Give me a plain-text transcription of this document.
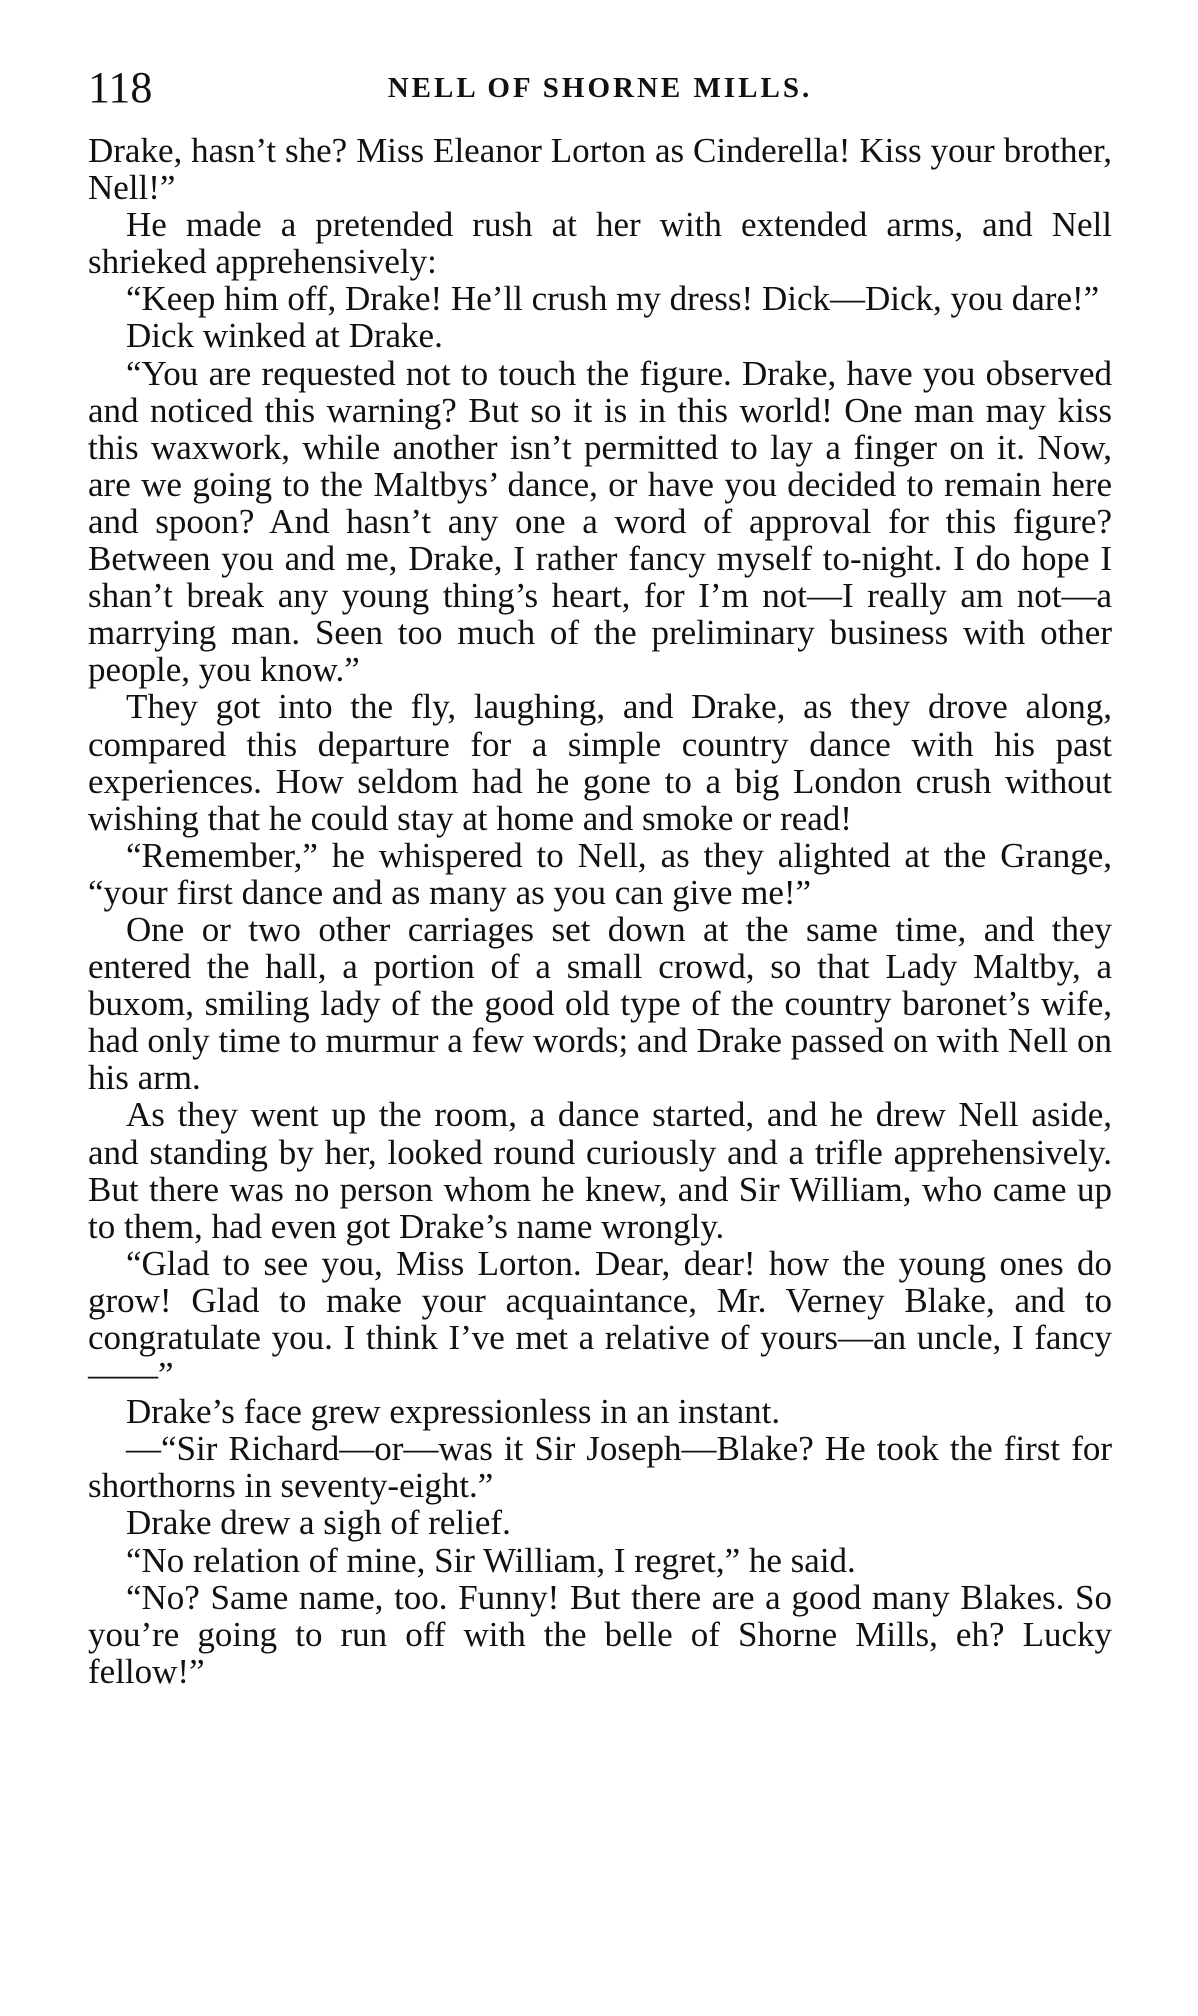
118	NELL OF SHORNE MILLS.

Drake, hasn’t she? Miss Eleanor Lorton as Cinderella! Kiss your brother, Nell!”

He made a pretended rush at her with extended arms, and Nell shrieked apprehensively:

“Keep him off, Drake! He’ll crush my dress! Dick—Dick, you dare!”

Dick winked at Drake.

“You are requested not to touch the figure. Drake, have you observed and noticed this warning? But so it is in this world! One man may kiss this waxwork, while another isn’t permitted to lay a finger on it. Now, are we going to the Maltbys’ dance, or have you decided to remain here and spoon? And hasn’t any one a word of approval for this figure? Between you and me, Drake, I rather fancy myself to-night. I do hope I shan’t break any young thing’s heart, for I’m not—I really am not—a marrying man. Seen too much of the preliminary business with other people, you know.”

They got into the fly, laughing, and Drake, as they drove along, compared this departure for a simple country dance with his past experiences. How seldom had he gone to a big London crush without wishing that he could stay at home and smoke or read!

“Remember,” he whispered to Nell, as they alighted at the Grange, “your first dance and as many as you can give me!”

One or two other carriages set down at the same time, and they entered the hall, a portion of a small crowd, so that Lady Maltby, a buxom, smiling lady of the good old type of the country baronet’s wife, had only time to murmur a few words; and Drake passed on with Nell on his arm.

As they went up the room, a dance started, and he drew Nell aside, and standing by her, looked round curiously and a trifle apprehensively. But there was no person whom he knew, and Sir William, who came up to them, had even got Drake’s name wrongly.

“Glad to see you, Miss Lorton. Dear, dear! how the young ones do grow! Glad to make your acquaintance, Mr. Verney Blake, and to congratulate you. I think I’ve met a relative of yours—an uncle, I fancy——”

Drake’s face grew expressionless in an instant.

—“Sir Richard—or—was it Sir Joseph—Blake? He took the first for shorthorns in seventy-eight.”

Drake drew a sigh of relief.

“No relation of mine, Sir William, I regret,” he said.

“No? Same name, too. Funny! But there are a good many Blakes. So you’re going to run off with the belle of Shorne Mills, eh? Lucky fellow!”
